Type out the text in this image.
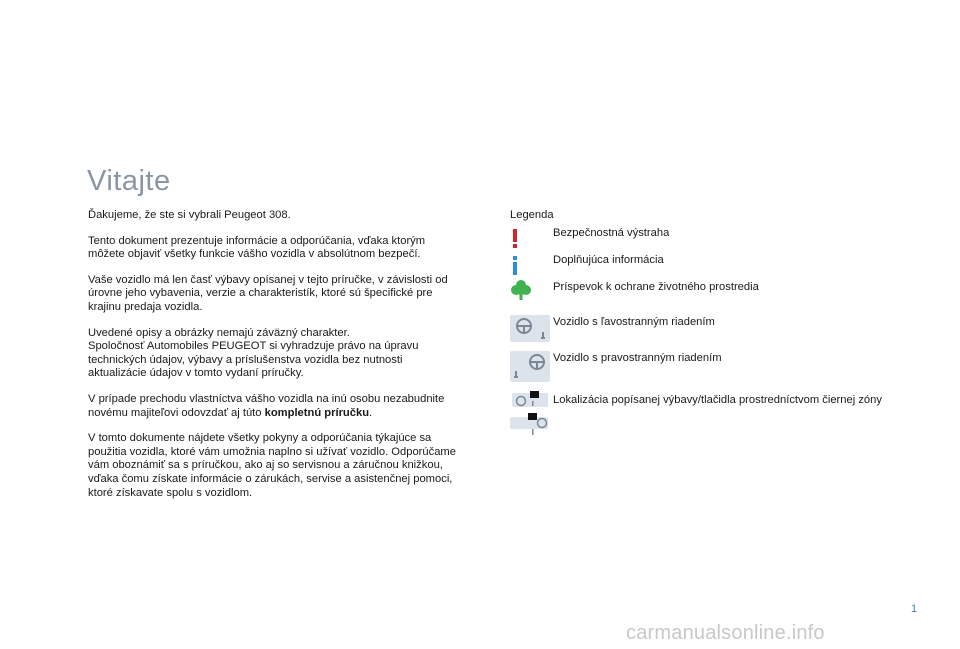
Vitajte

Ďakujeme, že ste si vybrali Peugeot 308.

Tento dokument prezentuje informácie a odporúčania, vďaka ktorým
môžete objaviť všetky funkcie vášho vozidla v absolútnom bezpečí.

Vaše vozidlo má len časť výbavy opísanej v tejto príručke, v závislosti od
úrovne jeho vybavenia, verzie a charakteristík, ktoré sú špecifické pre
krajinu predaja vozidla.

Uvedené opisy a obrázky nemajú záväzný charakter.
Spoločnosť Automobiles PEUGEOT si vyhradzuje právo na úpravu
technických údajov, výbavy a príslušenstva vozidla bez nutnosti
aktualizácie údajov v tomto vydaní príručky.

V prípade prechodu vlastníctva vášho vozidla na inú osobu nezabudnite
novému majiteľovi odovzdať aj túto kompletnú príručku.

V tomto dokumente nájdete všetky pokyny a odporúčania týkajúce sa
použitia vozidla, ktoré vám umožnia naplno si užívať vozidlo. Odporúčame
vám oboznámiť sa s príručkou, ako aj so servisnou a záručnou knižkou,
vďaka čomu získate informácie o zárukách, servise a asistenčnej pomoci,
ktoré získavate spolu s vozidlom.

Legenda
Bezpečnostná výstraha
Doplňujúca informácia
Príspevok k ochrane životného prostredia
Vozidlo s ľavostranným riadením
Vozidlo s pravostranným riadením
Lokalizácia popísanej výbavy/tlačidla prostredníctvom čiernej zóny
1
carmanualsonline.info
